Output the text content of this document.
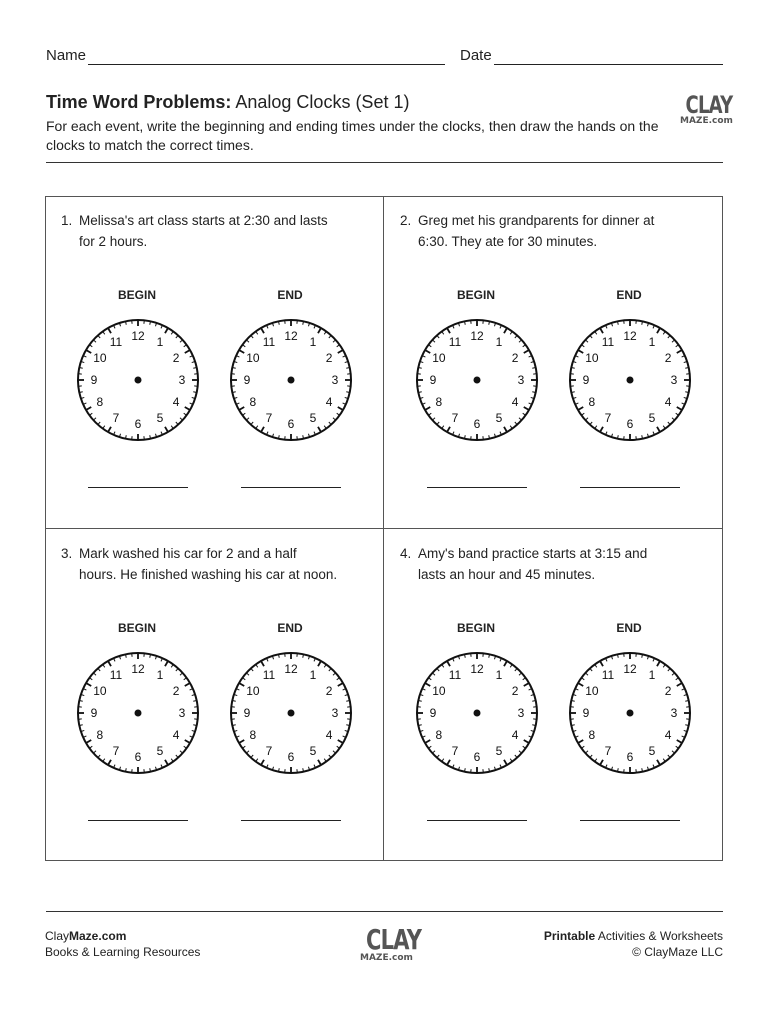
Name	Date
Time Word Problems: Analog Clocks (Set 1)
For each event, write the beginning and ending times under the clocks, then draw the hands on the clocks to match the correct times.
CLAY
MAZE.com
1. Melissa's art class starts at 2:30 and lasts
for 2 hours.
BEGIN	END
12 1
2
3
4
5
6
7
8
9
10
11	12 1
2
3
4
5
6
7
8
9
10
11
2. Greg met his grandparents for dinner at
6:30. They ate for 30 minutes.
BEGIN	END
12 1
2
3
4
5
6
7
8
9
10
11	12 1
2
3
4
5
6
7
8
9
10
11
3. Mark washed his car for 2 and a half
hours. He finished washing his car at noon.
BEGIN	END
12 1
2
3
4
5
6
7
8
9
10
11	12 1
2
3
4
5
6
7
8
9
10
11
4. Amy's band practice starts at 3:15 and
lasts an hour and 45 minutes.
BEGIN	END
12 1
2
3
4
5
6
7
8
9
10
11	12 1
2
3
4
5
6
7
8
9
10
11
ClayMaze.com
Books & Learning Resources	CLAY
MAZE.com
Printable Activities & Worksheets
© ClayMaze LLC
